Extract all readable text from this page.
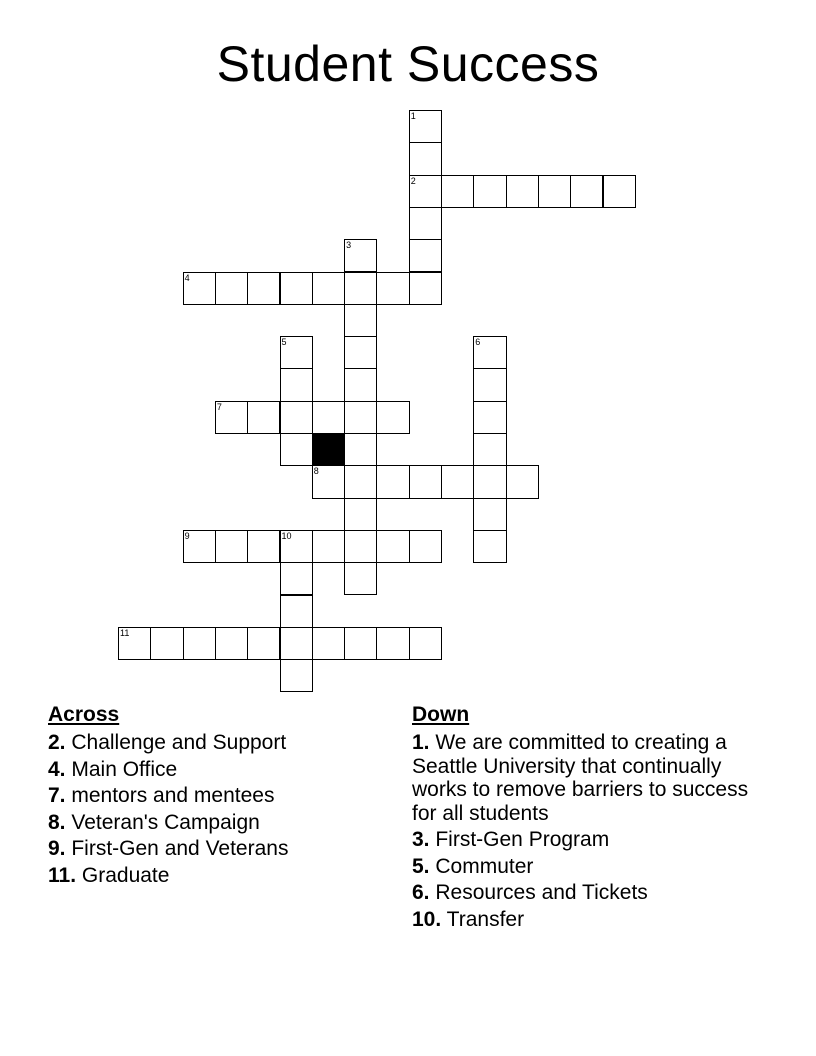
Student Success
1
2
3
4
5	6
7
8
9	10
11
Across
2. Challenge and Support
4. Main Office
7. mentors and mentees
8. Veteran's Campaign
9. First-Gen and Veterans
11. Graduate
Down
1. We are committed to creating a Seattle University that continually works to remove barriers to success for all students
3. First-Gen Program
5. Commuter
6. Resources and Tickets
10. Transfer
